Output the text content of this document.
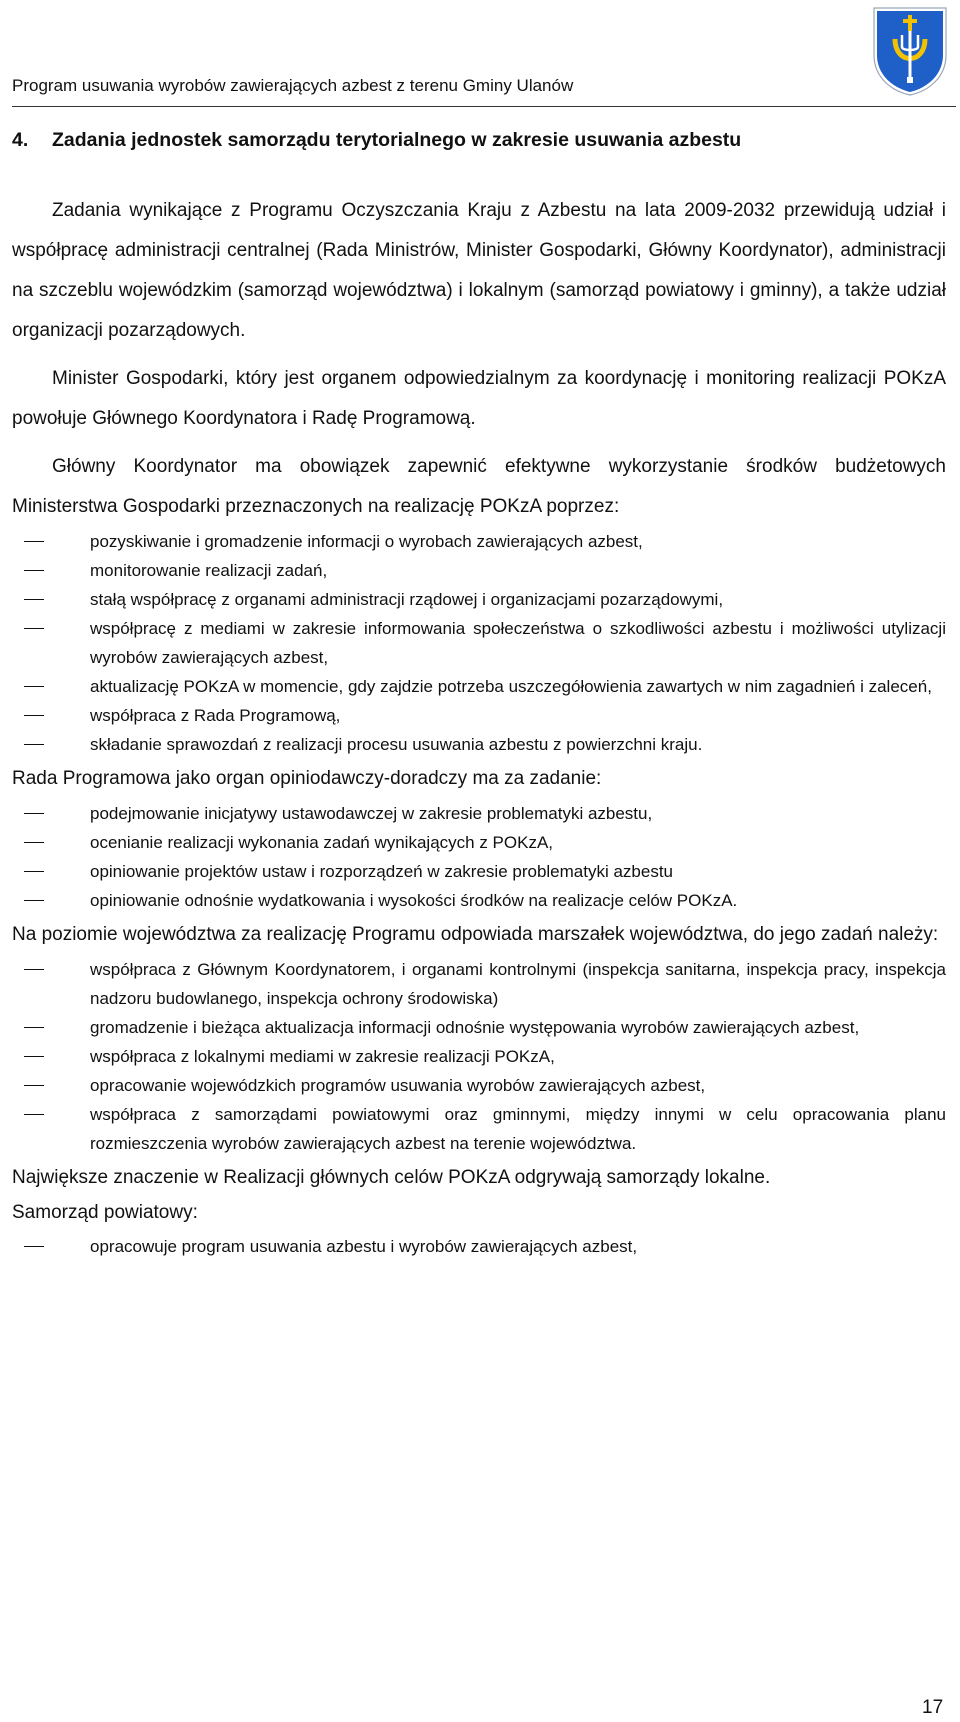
Program usuwania wyrobów zawierających azbest z terenu Gminy Ulanów
4. Zadania jednostek samorządu terytorialnego w zakresie usuwania azbestu

Zadania wynikające z Programu Oczyszczania Kraju z Azbestu na lata 2009-2032 przewidują udział i współpracę administracji centralnej (Rada Ministrów, Minister Gospodarki, Główny Koordynator), administracji na szczeblu wojewódzkim (samorząd województwa) i lokalnym (samorząd powiatowy i gminny), a także udział organizacji pozarządowych.

Minister Gospodarki, który jest organem odpowiedzialnym za koordynację i monitoring realizacji POKzA powołuje Głównego Koordynatora i Radę Programową.

Główny Koordynator ma obowiązek zapewnić efektywne wykorzystanie środków budżetowych Ministerstwa Gospodarki przeznaczonych na realizację POKzA poprzez:

pozyskiwanie i gromadzenie informacji o wyrobach zawierających azbest,
monitorowanie realizacji zadań,
stałą współpracę z organami administracji rządowej i organizacjami pozarządowymi,
współpracę z mediami w zakresie informowania społeczeństwa o szkodliwości azbestu i możliwości utylizacji wyrobów zawierających azbest,
aktualizację POKzA w momencie, gdy zajdzie potrzeba uszczegółowienia zawartych w nim zagadnień i zaleceń,
współpraca z Rada Programową,
składanie sprawozdań z realizacji procesu usuwania azbestu z powierzchni kraju.

Rada Programowa jako organ opiniodawczy-doradczy ma za zadanie:

podejmowanie inicjatywy ustawodawczej w zakresie problematyki azbestu,
ocenianie realizacji wykonania zadań wynikających z POKzA,
opiniowanie projektów ustaw i rozporządzeń w zakresie problematyki azbestu
opiniowanie odnośnie wydatkowania i wysokości środków na realizacje celów POKzA.

Na poziomie województwa za realizację Programu odpowiada marszałek województwa, do jego zadań należy:

współpraca z Głównym Koordynatorem, i organami kontrolnymi (inspekcja sanitarna, inspekcja pracy, inspekcja nadzoru budowlanego, inspekcja ochrony środowiska)
gromadzenie i bieżąca aktualizacja informacji odnośnie występowania wyrobów zawierających azbest,
współpraca z lokalnymi mediami w zakresie realizacji POKzA,
opracowanie wojewódzkich programów usuwania wyrobów zawierających azbest,
współpraca z samorządami powiatowymi oraz gminnymi, między innymi w celu opracowania planu rozmieszczenia wyrobów zawierających azbest na terenie województwa.

Największe znaczenie w Realizacji głównych celów POKzA odgrywają samorządy lokalne.

Samorząd powiatowy:

opracowuje program usuwania azbestu i wyrobów zawierających azbest,
17
